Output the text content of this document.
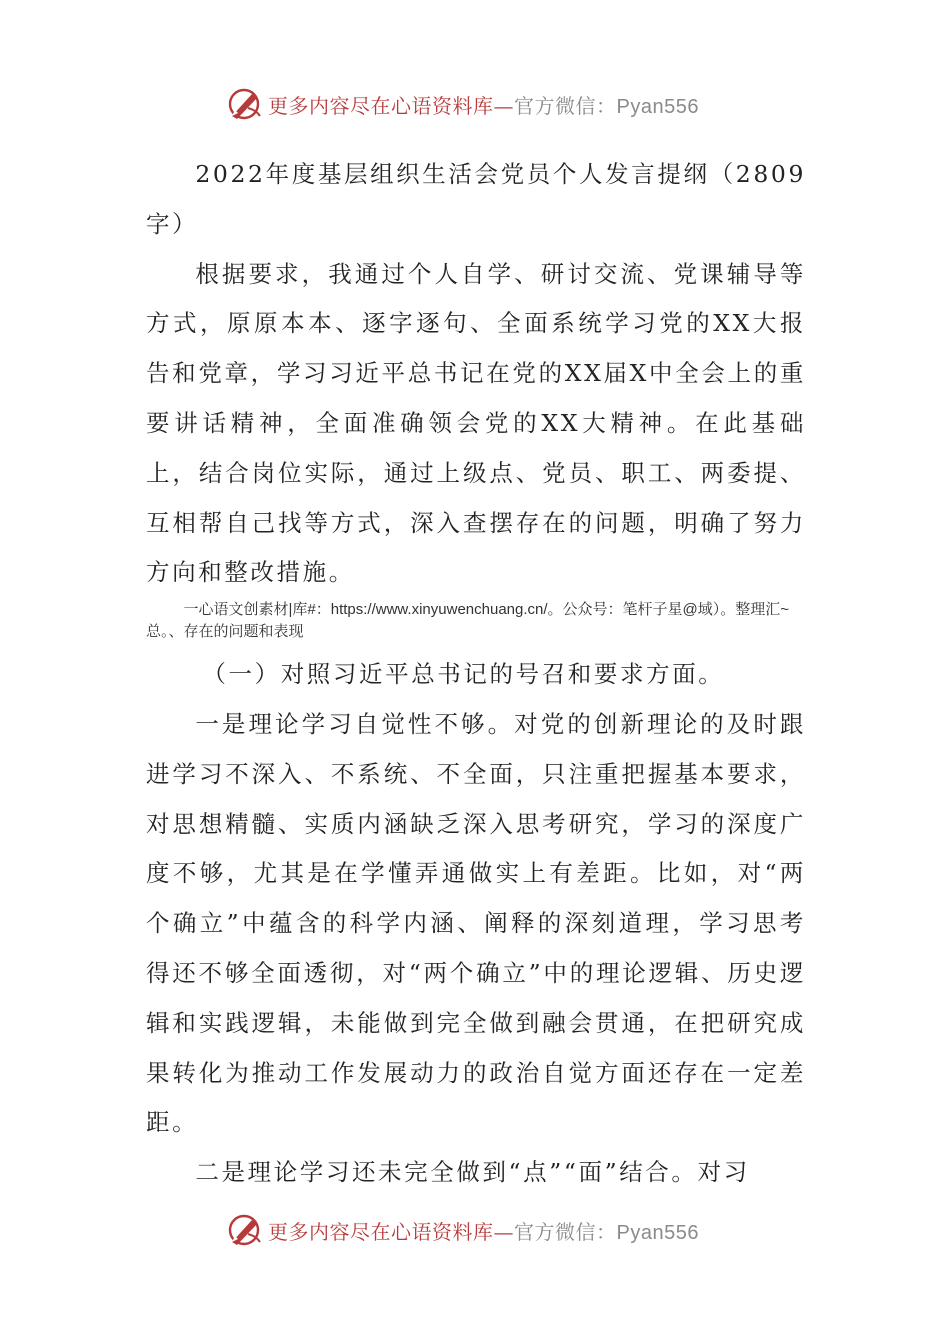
更多内容尽在心语资料库—官方微信：Pyan556

2022年度基层组织生活会党员个人发言提纲（2809字）

根据要求，我通过个人自学、研讨交流、党课辅导等方式，原原本本、逐字逐句、全面系统学习党的XX大报告和党章，学习习近平总书记在党的XX届X中全会上的重要讲话精神，全面准确领会党的XX大精神。在此基础上，结合岗位实际，通过上级点、党员、职工、两委提、互相帮自己找等方式，深入查摆存在的问题，明确了努力方向和整改措施。

一心语文创素材|库#：https://www.xinyuwenchuang.cn/。公众号：笔杆子星@域）。整理汇~总。、存在的问题和表现

（一）对照习近平总书记的号召和要求方面。

一是理论学习自觉性不够。对党的创新理论的及时跟进学习不深入、不系统、不全面，只注重把握基本要求，对思想精髓、实质内涵缺乏深入思考研究，学习的深度广度不够，尤其是在学懂弄通做实上有差距。比如，对“两个确立”中蕴含的科学内涵、阐释的深刻道理，学习思考得还不够全面透彻，对“两个确立”中的理论逻辑、历史逻辑和实践逻辑，未能做到完全做到融会贯通，在把研究成果转化为推动工作发展动力的政治自觉方面还存在一定差距。

二是理论学习还未完全做到“点”“面”结合。对习

更多内容尽在心语资料库—官方微信：Pyan556
